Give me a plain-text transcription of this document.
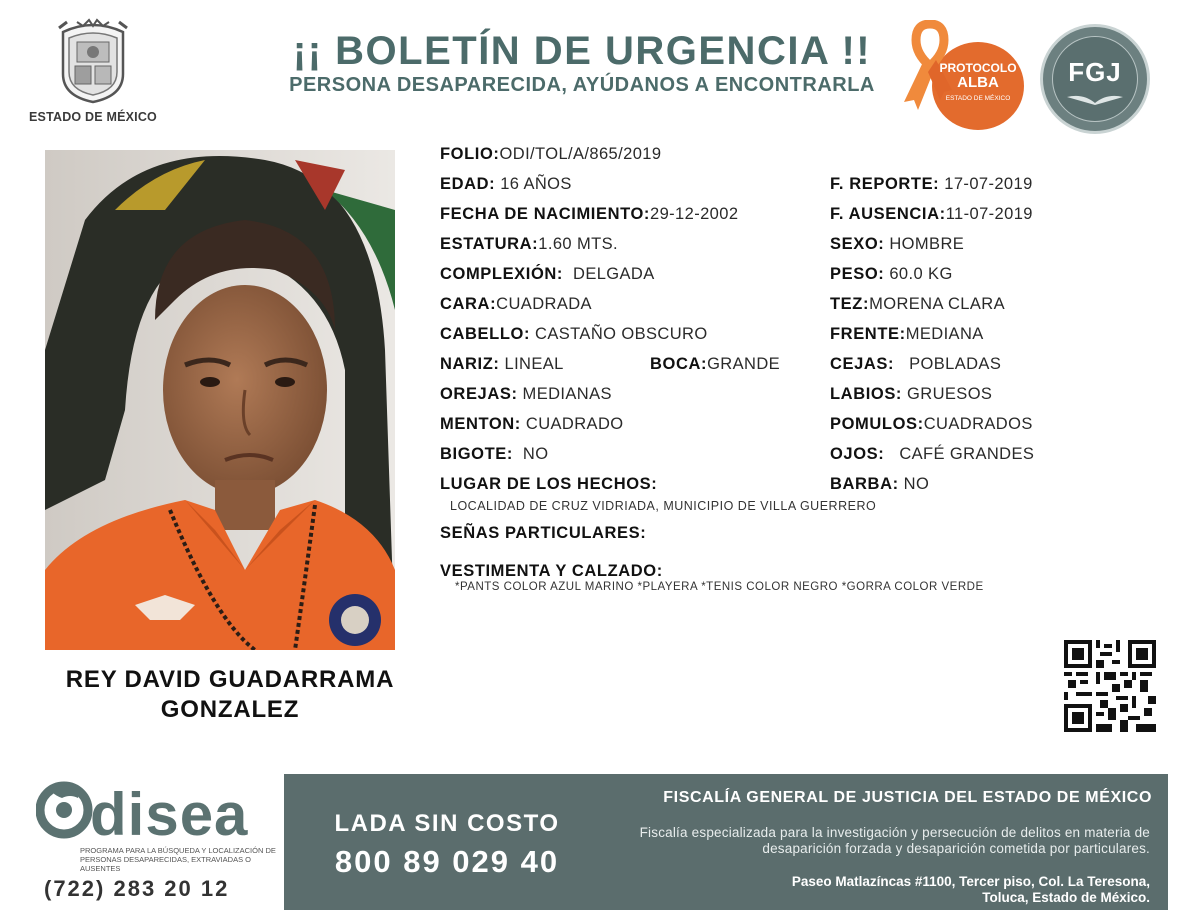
ESTADO DE MÉXICO
¡¡ BOLETÍN DE URGENCIA !!
PERSONA DESAPARECIDA, AYÚDANOS A ENCONTRARLA
PROTOCOLO
ALBA
ESTADO DE MÉXICO
FGJ
REY DAVID GUADARRAMA
GONZALEZ
FOLIO:ODI/TOL/A/865/2019
EDAD: 16 AÑOS
FECHA DE NACIMIENTO:29-12-2002
ESTATURA:1.60 MTS.
COMPLEXIÓN: DELGADA
CARA:CUADRADA
CABELLO: CASTAÑO OBSCURO
NARIZ: LINEAL	BOCA:GRANDE
OREJAS: MEDIANAS
MENTON: CUADRADO
BIGOTE: NO
LUGAR DE LOS HECHOS:
LOCALIDAD DE CRUZ VIDRIADA, MUNICIPIO DE VILLA GUERRERO
SEÑAS PARTICULARES:
VESTIMENTA Y CALZADO:
*PANTS COLOR AZUL MARINO *PLAYERA *TENIS COLOR NEGRO *GORRA COLOR VERDE
F. REPORTE: 17-07-2019
F. AUSENCIA:11-07-2019
SEXO: HOMBRE
PESO: 60.0 KG
TEZ:MORENA CLARA
FRENTE:MEDIANA
CEJAS: POBLADAS
LABIOS: GRUESOS
POMULOS:CUADRADOS
OJOS: CAFÉ GRANDES
BARBA: NO
disea
PROGRAMA PARA LA BÚSQUEDA Y LOCALIZACIÓN DE PERSONAS DESAPARECIDAS, EXTRAVIADAS O AUSENTES
(722) 283 20 12
LADA SIN COSTO
800 89 029 40
FISCALÍA GENERAL DE JUSTICIA DEL ESTADO DE MÉXICO
Fiscalía especializada para la investigación y persecución de delitos en materia de desaparición forzada y desaparición cometida por particulares.
Paseo Matlazíncas #1100, Tercer piso, Col. La Teresona,
Toluca, Estado de México.
